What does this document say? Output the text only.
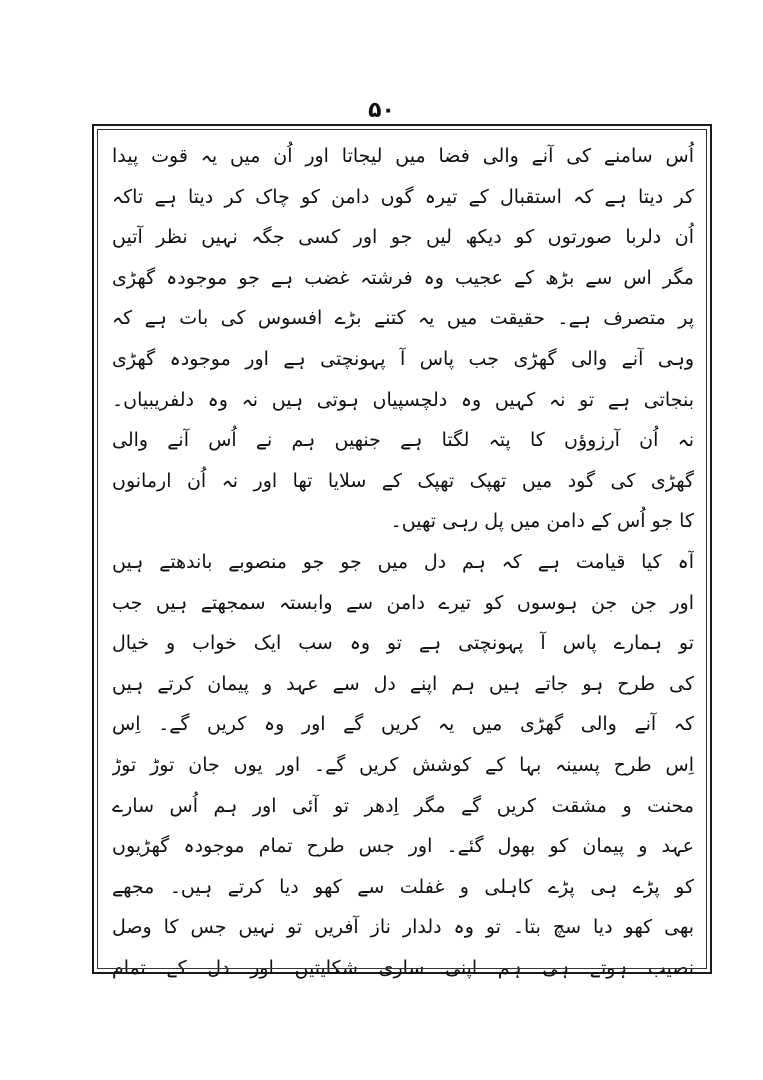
۵۰
اُس سامنے کی آنے والی فضا میں لیجاتا اور اُن میں یہ قوت پیدا
کر دیتا ہے کہ استقبال کے تیرہ گوں دامن کو چاک کر دیتا ہے تاکہ
اُن دلربا صورتوں کو دیکھ لیں جو اور کسی جگہ نہیں نظر آتیں
مگر اس سے بڑھ کے عجیب وہ فرشتہ غضب ہے جو موجودہ گھڑی
پر متصرف ہے۔ حقیقت میں یہ کتنے بڑے افسوس کی بات ہے کہ
وہی آنے والی گھڑی جب پاس آ پہونچتی ہے اور موجودہ گھڑی
بنجاتی ہے تو نہ کہیں وہ دلچسپیاں ہوتی ہیں نہ وہ دلفریبیاں۔
نہ اُن آرزوؤں کا پتہ لگتا ہے جنھیں ہم نے اُس آنے والی
گھڑی کی گود میں تھپک تھپک کے سلایا تھا اور نہ اُن ارمانوں
کا جو اُس کے دامن میں پل رہی تھیں۔
آہ کیا قیامت ہے کہ ہم دل میں جو جو منصوبے باندھتے ہیں
اور جن جن ہوسوں کو تیرے دامن سے وابستہ سمجھتے ہیں جب
تو ہمارے پاس آ پہونچتی ہے تو وہ سب ایک خواب و خیال
کی طرح ہو جاتے ہیں ہم اپنے دل سے عہد و پیمان کرتے ہیں
کہ آنے والی گھڑی میں یہ کریں گے اور وہ کریں گے۔ اِس
اِس طرح پسینہ بہا کے کوشش کریں گے۔ اور یوں جان توڑ توڑ
محنت و مشقت کریں گے مگر اِدھر تو آئی اور ہم اُس سارے
عہد و پیمان کو بھول گئے۔ اور جس طرح تمام موجودہ گھڑیوں
کو پڑے ہی پڑے کاہلی و غفلت سے کھو دیا کرتے ہیں۔ مجھے
بھی کھو دیا سچ بتا۔ تو وہ دلدار ناز آفریں تو نہیں جس کا وصل
نصیب ہوتے ہی ہم اپنی ساری شکایتیں اور دل کے تمام
